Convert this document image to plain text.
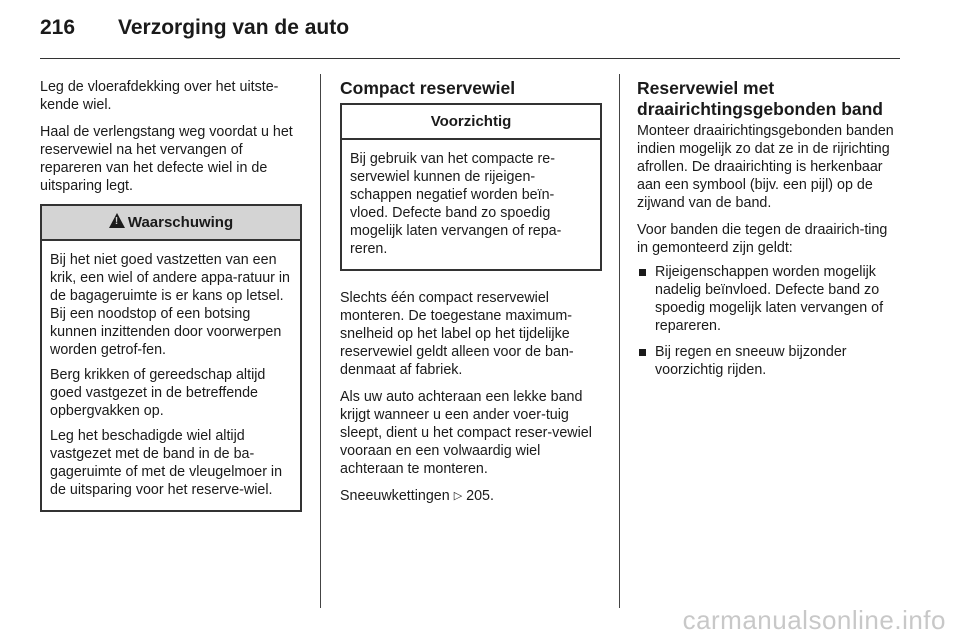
216 Verzorging van de auto

Leg de vloerafdekking over het uitste-kende wiel.

Haal de verlengstang weg voordat u het reservewiel na het vervangen of repareren van het defecte wiel in de uitsparing legt.

! Waarschuwing

Bij het niet goed vastzetten van een krik, een wiel of andere appa-ratuur in de bagageruimte is er kans op letsel. Bij een noodstop of een botsing kunnen inzittenden door voorwerpen worden getrof-fen.

Berg krikken of gereedschap altijd goed vastgezet in de betreffende opbergvakken op.

Leg het beschadigde wiel altijd vastgezet met de band in de ba-gageruimte of met de vleugelmoer in de uitsparing voor het reserve-wiel.

Compact reservewiel
Voorzichtig

Bij gebruik van het compacte re-servewiel kunnen de rijeigen-schappen negatief worden beïn-vloed. Defecte band zo spoedig mogelijk laten vervangen of repa-reren.

Slechts één compact reservewiel monteren. De toegestane maximum-snelheid op het label op het tijdelijke reservewiel geldt alleen voor de ban-denmaat af fabriek.

Als uw auto achteraan een lekke band krijgt wanneer u een ander voer-tuig sleept, dient u het compact reser-vewiel vooraan en een volwaardig wiel achteraan te monteren.

Sneeuwkettingen ▷ 205.

Reservewiel met draairichtingsgebonden band

Monteer draairichtingsgebonden banden indien mogelijk zo dat ze in de rijrichting afrollen. De draairichting is herkenbaar aan een symbool (bijv. een pijl) op de zijwand van de band.

Voor banden die tegen de draairich-ting in gemonteerd zijn geldt:

Rijeigenschappen worden mogelijk nadelig beïnvloed. Defecte band zo spoedig mogelijk laten vervangen of repareren.
Bij regen en sneeuw bijzonder voorzichtig rijden.
carmanualsonline.info
